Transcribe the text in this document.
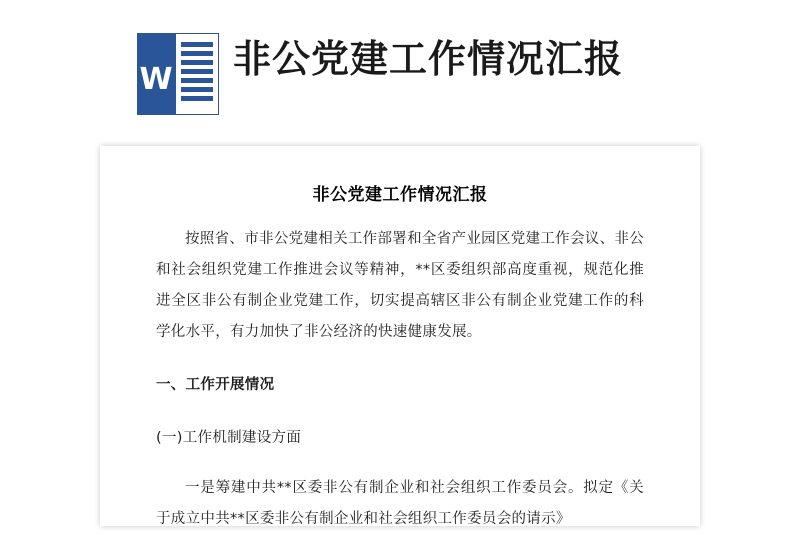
W 非公党建工作情况汇报
非公党建工作情况汇报
按照省、市非公党建相关工作部署和全省产业园区党建工作会议、非公和社会组织党建工作推进会议等精神，**区委组织部高度重视，规范化推进全区非公有制企业党建工作，切实提高辖区非公有制企业党建工作的科学化水平，有力加快了非公经济的快速健康发展。
一、工作开展情况
(一)工作机制建设方面
一是筹建中共**区委非公有制企业和社会组织工作委员会。拟定《关于成立中共**区委非公有制企业和社会组织工作委员会的请示》
